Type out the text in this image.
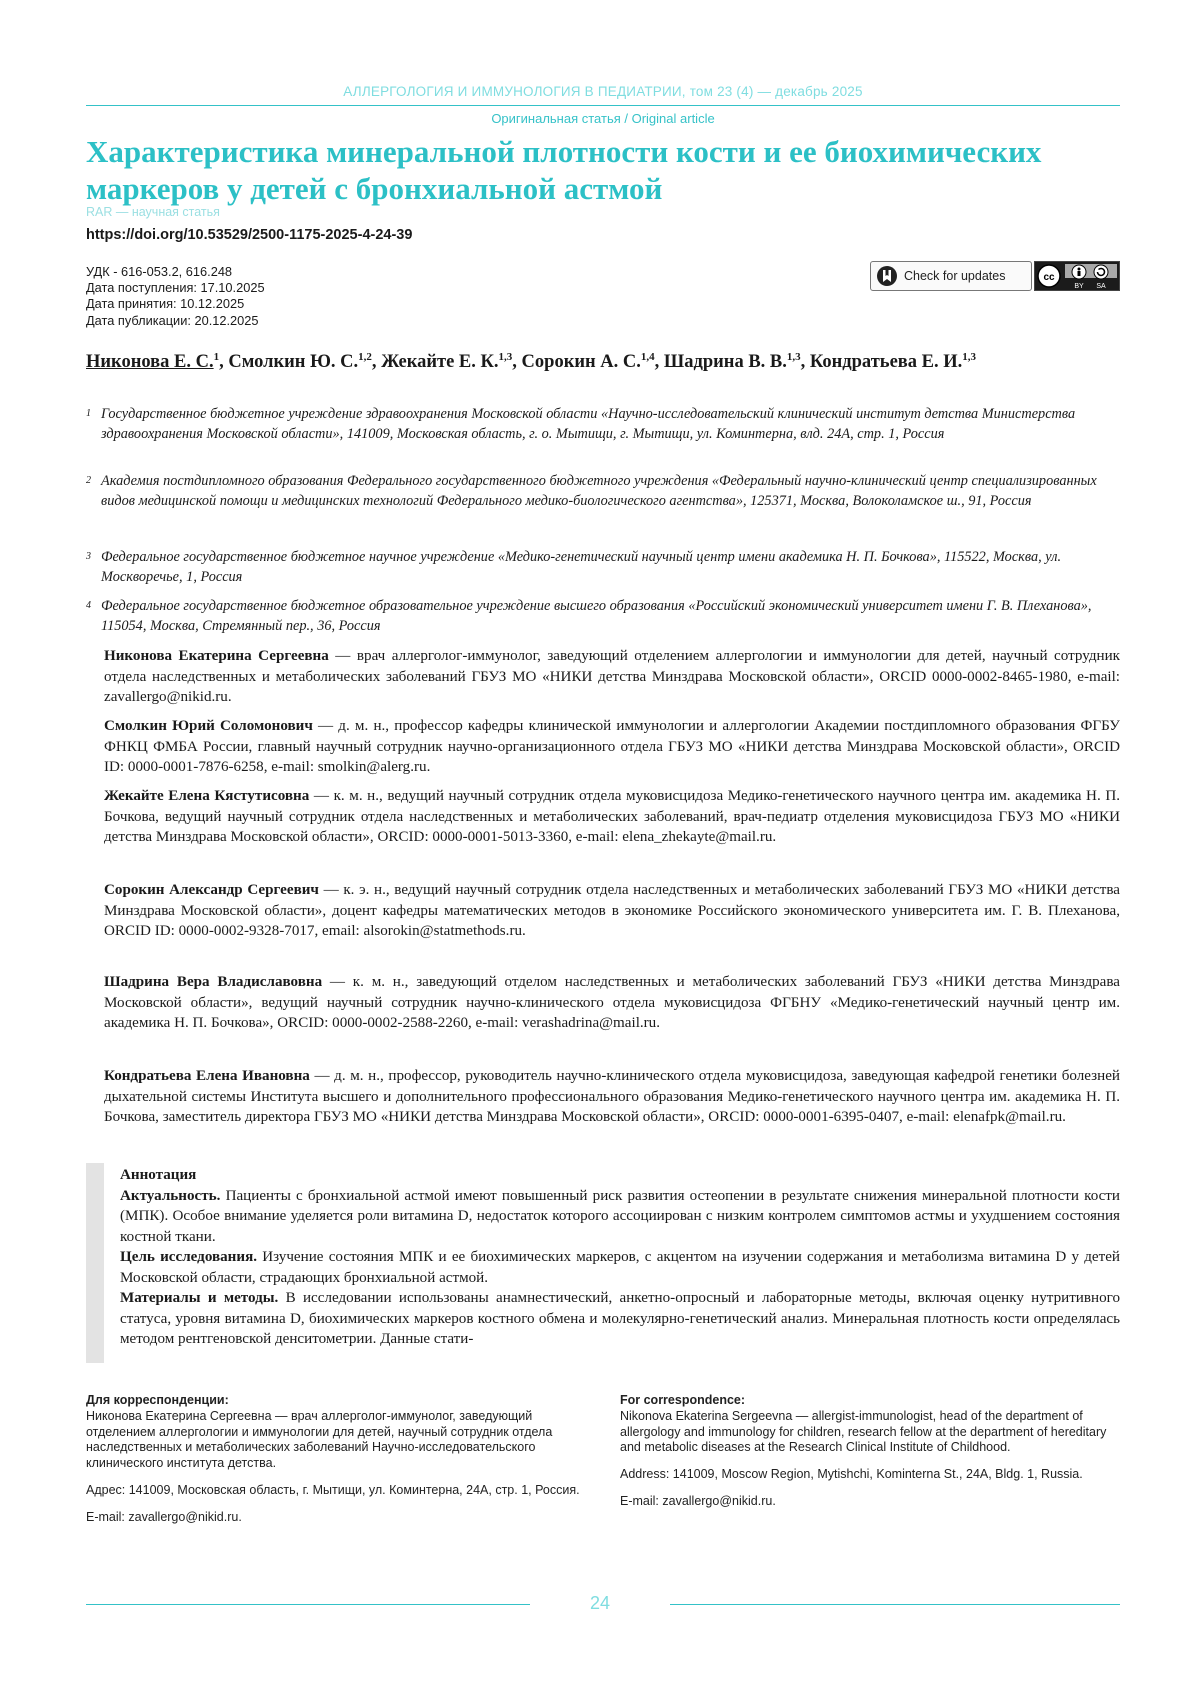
АЛЛЕРГОЛОГИЯ И ИММУНОЛОГИЯ В ПЕДИАТРИИ, том 23 (4) — декабрь 2025
Оригинальная статья / Original article
Характеристика минеральной плотности кости и ее биохимических маркеров у детей с бронхиальной астмой
RAR — научная статья
https://doi.org/10.53529/2500-1175-2025-4-24-39
УДК - 616-053.2, 616.248
Дата поступления: 17.10.2025
Дата принятия: 10.12.2025
Дата публикации: 20.12.2025
Check for updates	cc
BY SA
Никонова Е. С.$^1$, Смолкин Ю. С.$^{1,2}$, Жекайте Е. К.$^{1,3}$, Сорокин А. С.$^{1,4}$, Шадрина В. В.$^{1,3}$, Кондратьева Е. И.$^{1,3}$
1 Государственное бюджетное учреждение здравоохранения Московской области «Научно-исследовательский клинический институт детства Министерства здравоохранения Московской области», 141009, Московская область, г. о. Мытищи, г. Мытищи, ул. Коминтерна, влд. 24А, стр. 1, Россия
2 Академия постдипломного образования Федерального государственного бюджетного учреждения «Федеральный научно-клинический центр специализированных видов медицинской помощи и медицинских технологий Федерального медико-биологического агентства», 125371, Москва, Волоколамское ш., 91, Россия
3 Федеральное государственное бюджетное научное учреждение «Медико-генетический научный центр имени академика Н. П. Бочкова», 115522, Москва, ул. Москворечье, 1, Россия
4 Федеральное государственное бюджетное образовательное учреждение высшего образования «Российский экономический университет имени Г. В. Плеханова», 115054, Москва, Стремянный пер., 36, Россия
Никонова Екатерина Сергеевна — врач аллерголог-иммунолог, заведующий отделением аллергологии и иммунологии для детей, научный сотрудник отдела наследственных и метаболических заболеваний ГБУЗ МО «НИКИ детства Минздрава Московской области», ORCID 0000-0002-8465-1980, e-mail: zavallergo@nikid.ru.
Смолкин Юрий Соломонович — д. м. н., профессор кафедры клинической иммунологии и аллергологии Академии постдипломного образования ФГБУ ФНКЦ ФМБА России, главный научный сотрудник научно-организационного отдела ГБУЗ МО «НИКИ детства Минздрава Московской области», ORCID ID: 0000-0001-7876-6258, e-mail: smolkin@alerg.ru.
Жекайте Елена Кястутисовна — к. м. н., ведущий научный сотрудник отдела муковисцидоза Медико-генетического научного центра им. академика Н. П. Бочкова, ведущий научный сотрудник отдела наследственных и метаболических заболеваний, врач-педиатр отделения муковисцидоза ГБУЗ МО «НИКИ детства Минздрава Московской области», ORCID: 0000-0001-5013-3360, e-mail: elena_zhekayte@mail.ru.
Сорокин Александр Сергеевич — к. э. н., ведущий научный сотрудник отдела наследственных и метаболических заболеваний ГБУЗ МО «НИКИ детства Минздрава Московской области», доцент кафедры математических методов в экономике Российского экономического университета им. Г. В. Плеханова, ORCID ID: 0000-0002-9328-7017, email: alsorokin@statmethods.ru.
Шадрина Вера Владиславовна — к. м. н., заведующий отделом наследственных и метаболических заболеваний ГБУЗ «НИКИ детства Минздрава Московской области», ведущий научный сотрудник научно-клинического отдела муковисцидоза ФГБНУ «Медико-генетический научный центр им. академика Н. П. Бочкова», ORCID: 0000-0002-2588-2260, e-mail: verashadrina@mail.ru.
Кондратьева Елена Ивановна — д. м. н., профессор, руководитель научно-клинического отдела муковисцидоза, заведующая кафедрой генетики болезней дыхательной системы Института высшего и дополнительного профессионального образования Медико-генетического научного центра им. академика Н. П. Бочкова, заместитель директора ГБУЗ МО «НИКИ детства Минздрава Московской области», ORCID: 0000-0001-6395-0407, e-mail: elenafpk@mail.ru.
Аннотация
Актуальность. Пациенты с бронхиальной астмой имеют повышенный риск развития остеопении в результате снижения минеральной плотности кости (МПК). Особое внимание уделяется роли витамина D, недостаток которого ассоциирован с низким контролем симптомов астмы и ухудшением состояния костной ткани.
Цель исследования. Изучение состояния МПК и ее биохимических маркеров, с акцентом на изучении содержания и метаболизма витамина D у детей Московской области, страдающих бронхиальной астмой.
Материалы и методы. В исследовании использованы анамнестический, анкетно-опросный и лабораторные методы, включая оценку нутритивного статуса, уровня витамина D, биохимических маркеров костного обмена и молекулярно-генетический анализ. Минеральная плотность кости определялась методом рентгеновской денситометрии. Данные стати-
Для корреспонденции:
Никонова Екатерина Сергеевна — врач аллерголог-иммунолог, заведующий отделением аллергологии и иммунологии для детей, научный сотрудник отдела наследственных и метаболических заболеваний Научно-исследовательского клинического института детства.
Адрес: 141009, Московская область, г. Мытищи, ул. Коминтерна, 24А, стр. 1, Россия.
E-mail: zavallergo@nikid.ru.
For correspondence:
Nikonova Ekaterina Sergeevna — allergist-immunologist, head of the department of allergology and immunology for children, research fellow at the department of hereditary and metabolic diseases at the Research Clinical Institute of Childhood.
Address: 141009, Moscow Region, Mytishchi, Kominterna St., 24A, Bldg. 1, Russia.
E-mail: zavallergo@nikid.ru.
24
